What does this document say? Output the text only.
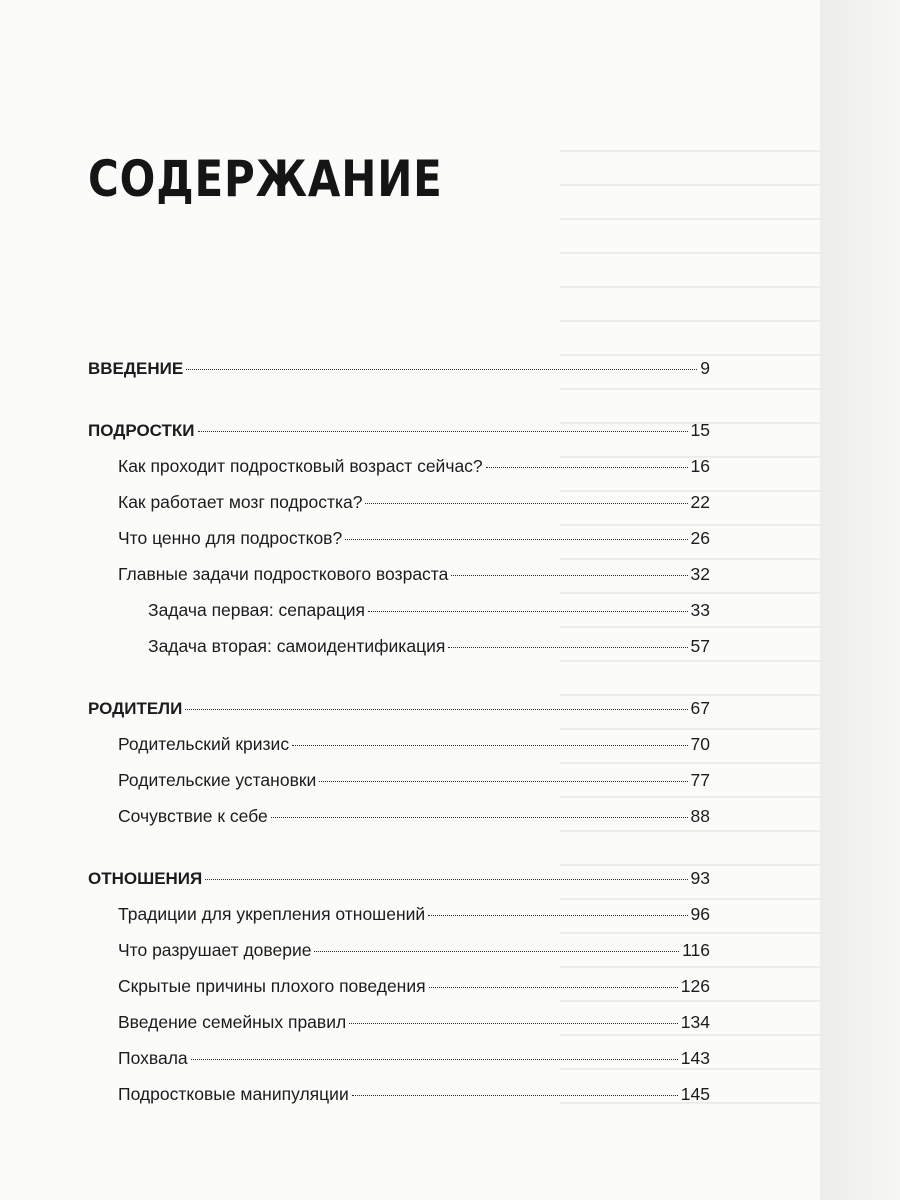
СОДЕРЖАНИЕ
ВВЕДЕНИЕ	9
ПОДРОСТКИ	15
Как проходит подростковый возраст сейчас?	16
Как работает мозг подростка?	22
Что ценно для подростков?	26
Главные задачи подросткового возраста	32
Задача первая: сепарация	33
Задача вторая: самоидентификация	57
РОДИТЕЛИ	67
Родительский кризис	70
Родительские установки	77
Сочувствие к себе	88
ОТНОШЕНИЯ	93
Традиции для укрепления отношений	96
Что разрушает доверие	116
Скрытые причины плохого поведения	126
Введение семейных правил	134
Похвала	143
Подростковые манипуляции	145
